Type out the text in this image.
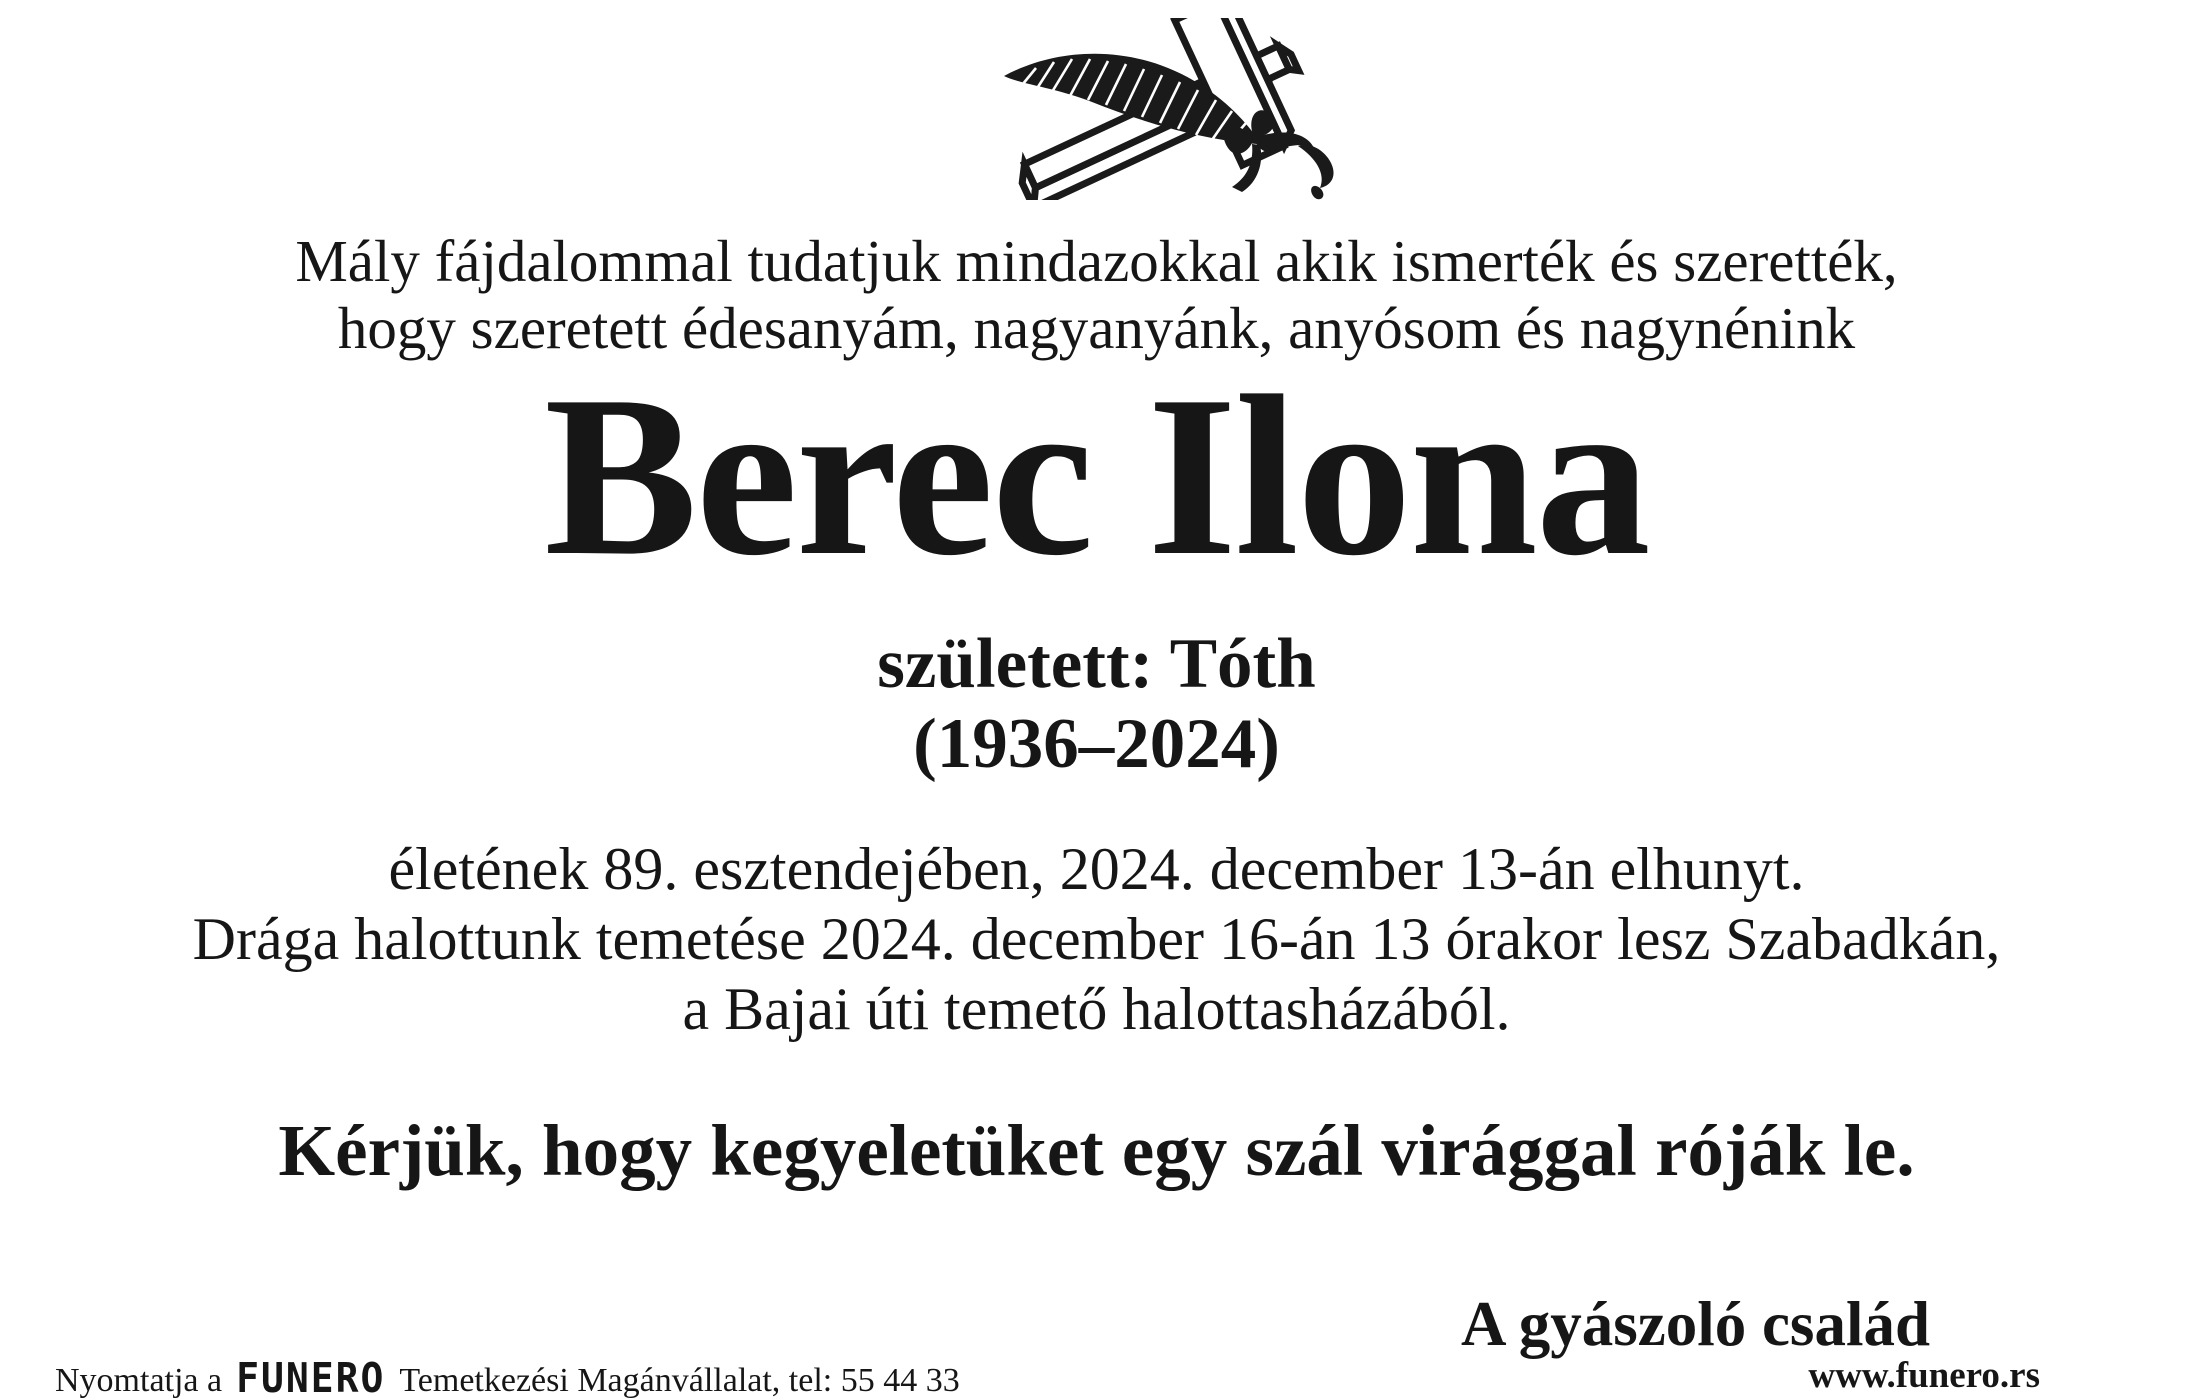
Mály fájdalommal tudatjuk mindazokkal akik ismerték és szerették,
hogy szeretett édesanyám, nagyanyánk, anyósom és nagynénink
Berec Ilona
született: Tóth
(1936–2024)
életének 89. esztendejében, 2024. december 13-án elhunyt.
Drága halottunk temetése 2024. december 16-án 13 órakor lesz Szabadkán,
a Bajai úti temető halottasházából.
Kérjük, hogy kegyeletüket egy szál virággal róják le.
A gyászoló család
Nyomtatja a FUNERO Temetkezési Magánvállalat, tel: 55 44 33	www.funero.rs
